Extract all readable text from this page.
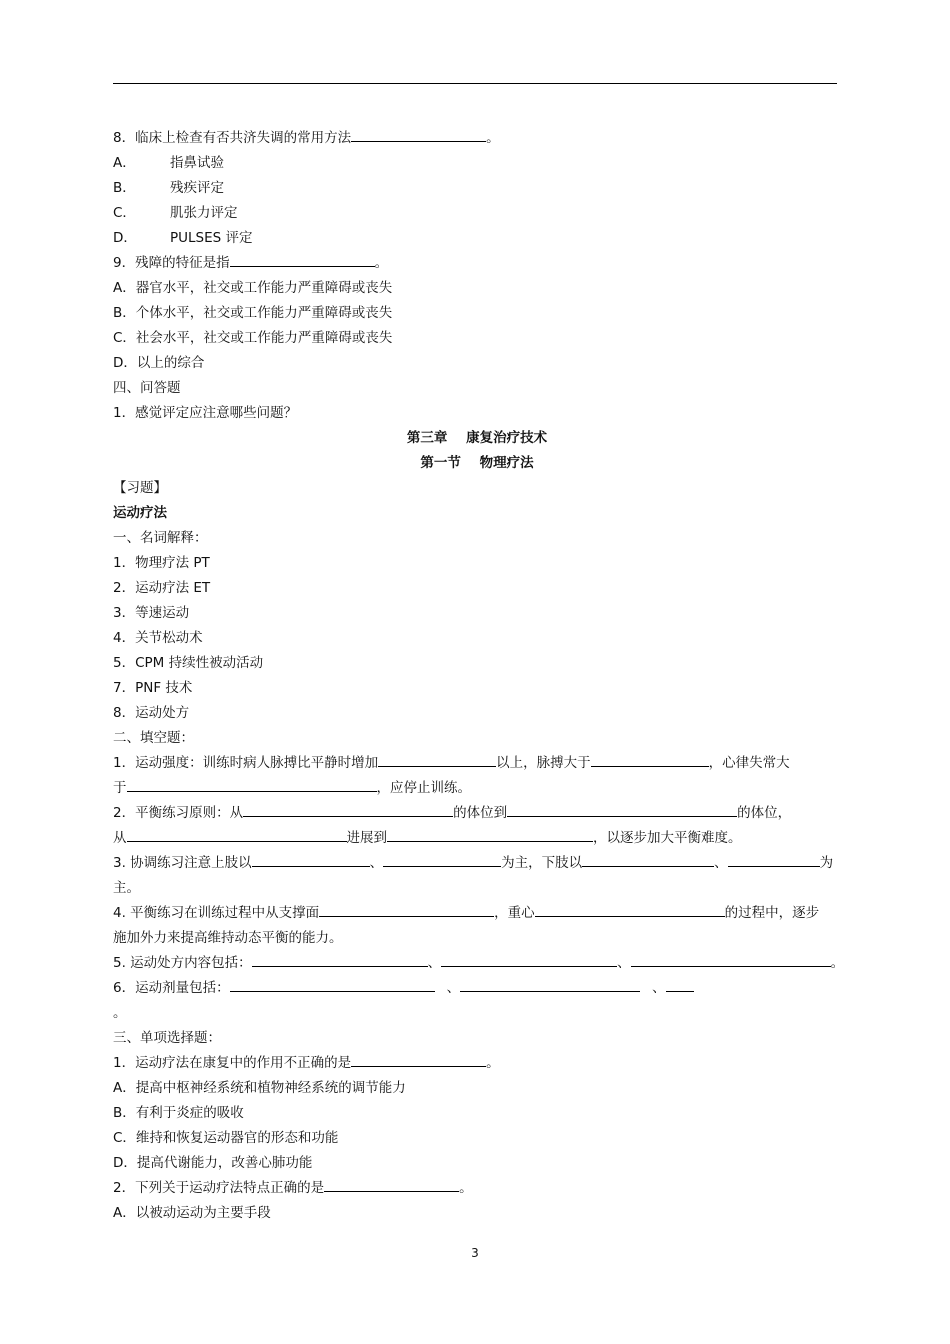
8．临床上检查有否共济失调的常用方法	。
A．	指鼻试验
B．	残疾评定
C．	肌张力评定
D． PULSES 评定
9．残障的特征是指	。
A．器官水平，社交或工作能力严重障碍或丧失
B．个体水平，社交或工作能力严重障碍或丧失
C．社会水平，社交或工作能力严重障碍或丧失
D．以上的综合
四、问答题
1．感觉评定应注意哪些问题？
第三章    康复治疗技术
第一节    物理疗法
【习题】
运动疗法
一、名词解释：
1．物理疗法 PT
2．运动疗法 ET
3．等速运动
4．关节松动术
5．CPM 持续性被动活动
7．PNF 技术
8．运动处方
二、填空题：
1．运动强度：训练时病人脉搏比平静时增加	以上，脉搏大于	，心律失常大
于	，应停止训练。
2．平衡练习原则：从	的体位到	的体位，
从	进展到	，以逐步加大平衡难度。
3. 协调练习注意上肢以	、	为主，下肢以	、	为
主。
4. 平衡练习在训练过程中从支撑面	，重心	的过程中，逐步
施加外力来提高维持动态平衡的能力。
5. 运动处方内容包括：	、	、	。
6．运动剂量包括：	、	、
。
三、单项选择题：
1．运动疗法在康复中的作用不正确的是	。
A．提高中枢神经系统和植物神经系统的调节能力
B．有利于炎症的吸收
C．维持和恢复运动器官的形态和功能
D．提高代谢能力，改善心肺功能
2．下列关于运动疗法特点正确的是	。
A．以被动运动为主要手段
3
